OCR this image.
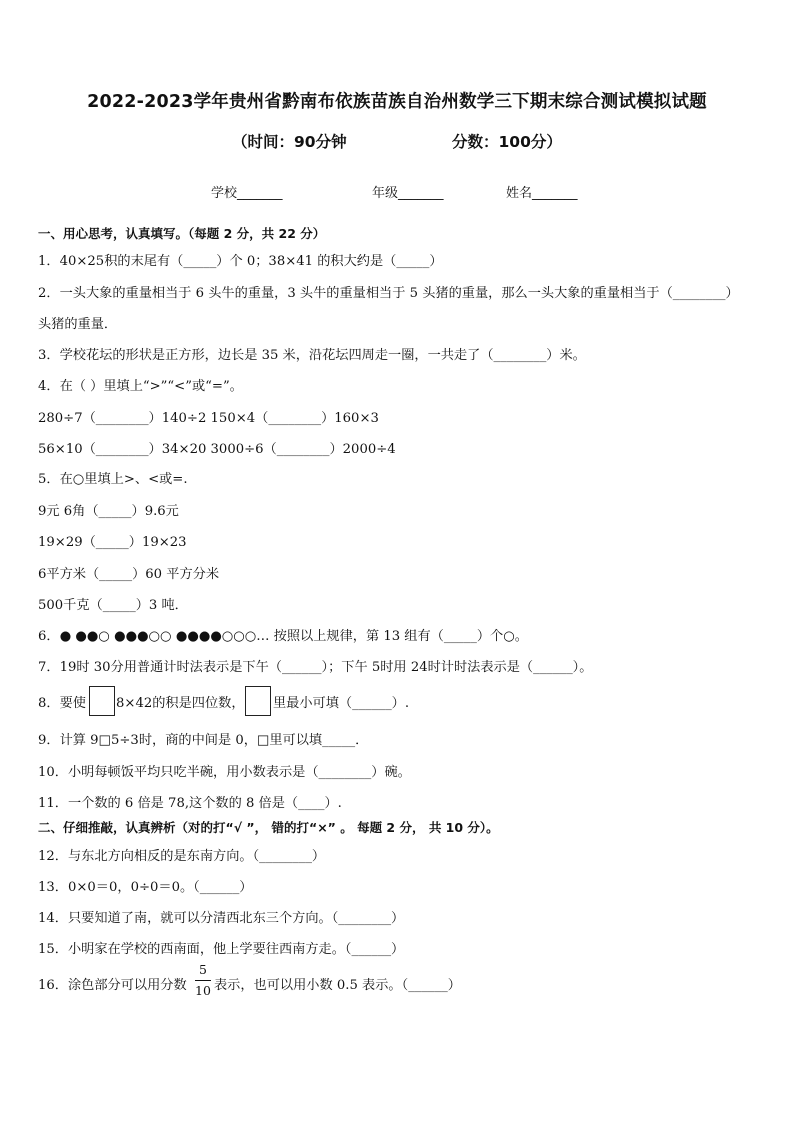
2022-2023学年贵州省黔南布依族苗族自治州数学三下期末综合测试模拟试题
（时间：90分钟	分数：100分）
学校_______	年级_______	姓名_______
一、用心思考，认真填写。（每题 2 分，共 22 分）
1．40×25积的末尾有（_____）个 0；38×41 的积大约是（_____）
2．一头大象的重量相当于 6 头牛的重量，3 头牛的重量相当于 5 头猪的重量，那么一头大象的重量相当于（________）
头猪的重量．
3．学校花坛的形状是正方形，边长是 35 米，沿花坛四周走一圈，一共走了（________）米。
4．在（ ）里填上“>”“<”或“=”。
280÷7（________）140÷2 150×4（________）160×3
56×10（________）34×20 3000÷6（________）2000÷4
5．在○里填上>、<或=.
9元 6角（_____）9.6元
19×29（_____）19×23
6平方米（_____）60 平方分米
500千克（_____）3 吨．
6．● ●●○ ●●●○○ ●●●●○○○… 按照以上规律，第 13 组有（_____）个○。
7．19时 30分用普通计时法表示是下午（______）；下午 5时用 24时计时法表示是（______）。
8．要使 8×42的积是四位数， 里最小可填（______）.
9．计算 9□5÷3时，商的中间是 0，□里可以填_____．
10．小明每顿饭平均只吃半碗，用小数表示是（________）碗。
11．一个数的 6 倍是 78,这个数的 8 倍是（____）.
二、仔细推敲，认真辨析（对的打“√ ”， 错的打“×” 。 每题 2 分， 共 10 分）。
12．与东北方向相反的是东南方向。（________）
13．0×0＝0，0÷0＝0。（______）
14．只要知道了南，就可以分清西北东三个方向。（________）
15．小明家在学校的西南面，他上学要往西南方走。（______）
16．涂色部分可以用分数
5
10 表示，也可以用小数 0.5 表示。（______）
